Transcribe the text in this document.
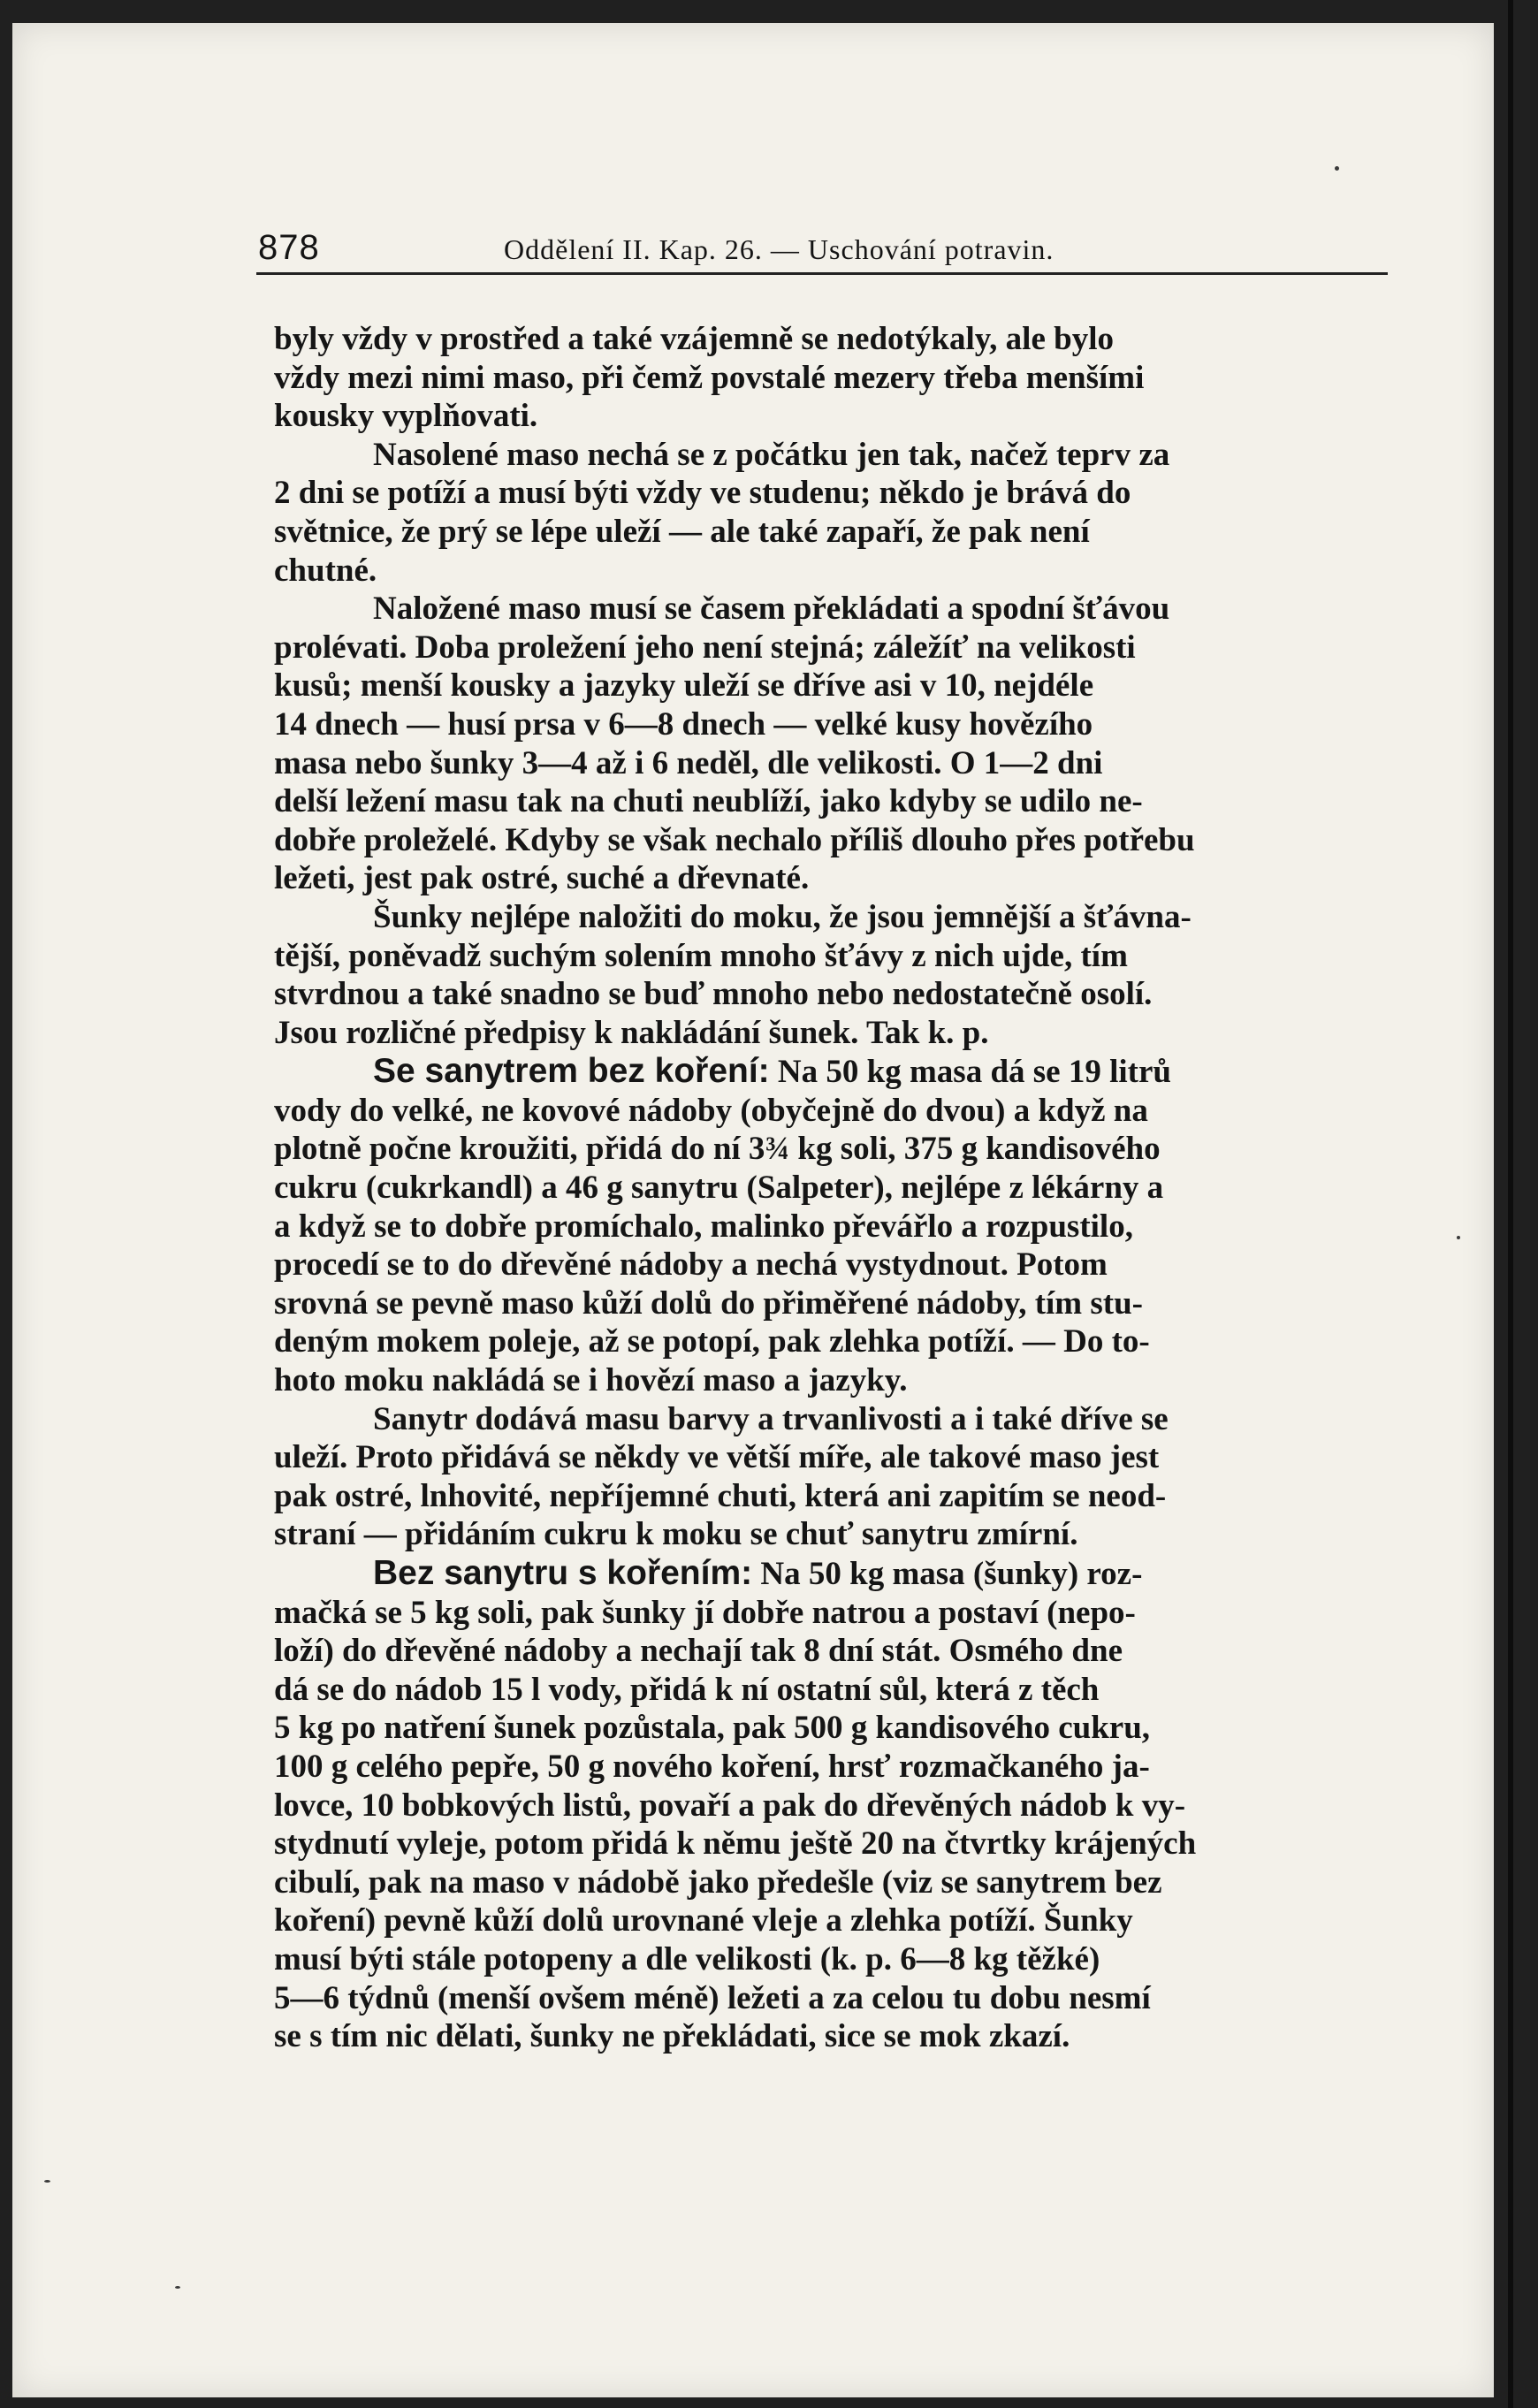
878	Oddělení II. Kap. 26. — Uschování potravin.

byly vždy v prostřed a také vzájemně se nedotýkaly, ale bylo
vždy mezi nimi maso, při čemž povstalé mezery třeba menšími
kousky vyplňovati.

Nasolené maso nechá se z počátku jen tak, načež teprv za
2 dni se potíží a musí býti vždy ve studenu; někdo je brává do
světnice, že prý se lépe uleží — ale také zapaří, že pak není
chutné.

Naložené maso musí se časem překládati a spodní šťávou
prolévati. Doba proležení jeho není stejná; záležíť na velikosti
kusů; menší kousky a jazyky uleží se dříve asi v 10, nejdéle
14 dnech — husí prsa v 6—8 dnech — velké kusy hovězího
masa nebo šunky 3—4 až i 6 neděl, dle velikosti. O 1—2 dni
delší ležení masu tak na chuti neublíží, jako kdyby se udilo ne-
dobře proleželé. Kdyby se však nechalo příliš dlouho přes potřebu
ležeti, jest pak ostré, suché a dřevnaté.

Šunky nejlépe naložiti do moku, že jsou jemnější a šťávna-
tější, poněvadž suchým solením mnoho šťávy z nich ujde, tím
stvrdnou a také snadno se buď mnoho nebo nedostatečně osolí.
Jsou rozličné předpisy k nakládání šunek. Tak k. p.

Se sanytrem bez koření: Na 50 kg masa dá se 19 litrů
vody do velké, ne kovové nádoby (obyčejně do dvou) a když na
plotně počne kroužiti, přidá do ní 3¾ kg soli, 375 g kandisového
cukru (cukrkandl) a 46 g sanytru (Salpeter), nejlépe z lékárny a
a když se to dobře promíchalo, malinko převářlo a rozpustilo,
procedí se to do dřevěné nádoby a nechá vystydnout. Potom
srovná se pevně maso kůží dolů do přiměřené nádoby, tím stu-
deným mokem poleje, až se potopí, pak zlehka potíží. — Do to-
hoto moku nakládá se i hovězí maso a jazyky.

Sanytr dodává masu barvy a trvanlivosti a i také dříve se
uleží. Proto přidává se někdy ve větší míře, ale takové maso jest
pak ostré, lnhovité, nepříjemné chuti, která ani zapitím se neod-
straní — přidáním cukru k moku se chuť sanytru zmírní.

Bez sanytru s kořením: Na 50 kg masa (šunky) roz-
mačká se 5 kg soli, pak šunky jí dobře natrou a postaví (nepo-
loží) do dřevěné nádoby a nechají tak 8 dní stát. Osmého dne
dá se do nádob 15 l vody, přidá k ní ostatní sůl, která z těch
5 kg po natření šunek pozůstala, pak 500 g kandisového cukru,
100 g celého pepře, 50 g nového koření, hrsť rozmačkaného ja-
lovce, 10 bobkových listů, povaří a pak do dřevěných nádob k vy-
stydnutí vyleje, potom přidá k němu ještě 20 na čtvrtky krájených
cibulí, pak na maso v nádobě jako předešle (viz se sanytrem bez
koření) pevně kůží dolů urovnané vleje a zlehka potíží. Šunky
musí býti stále potopeny a dle velikosti (k. p. 6—8 kg těžké)
5—6 týdnů (menší ovšem méně) ležeti a za celou tu dobu nesmí
se s tím nic dělati, šunky ne překládati, sice se mok zkazí.
